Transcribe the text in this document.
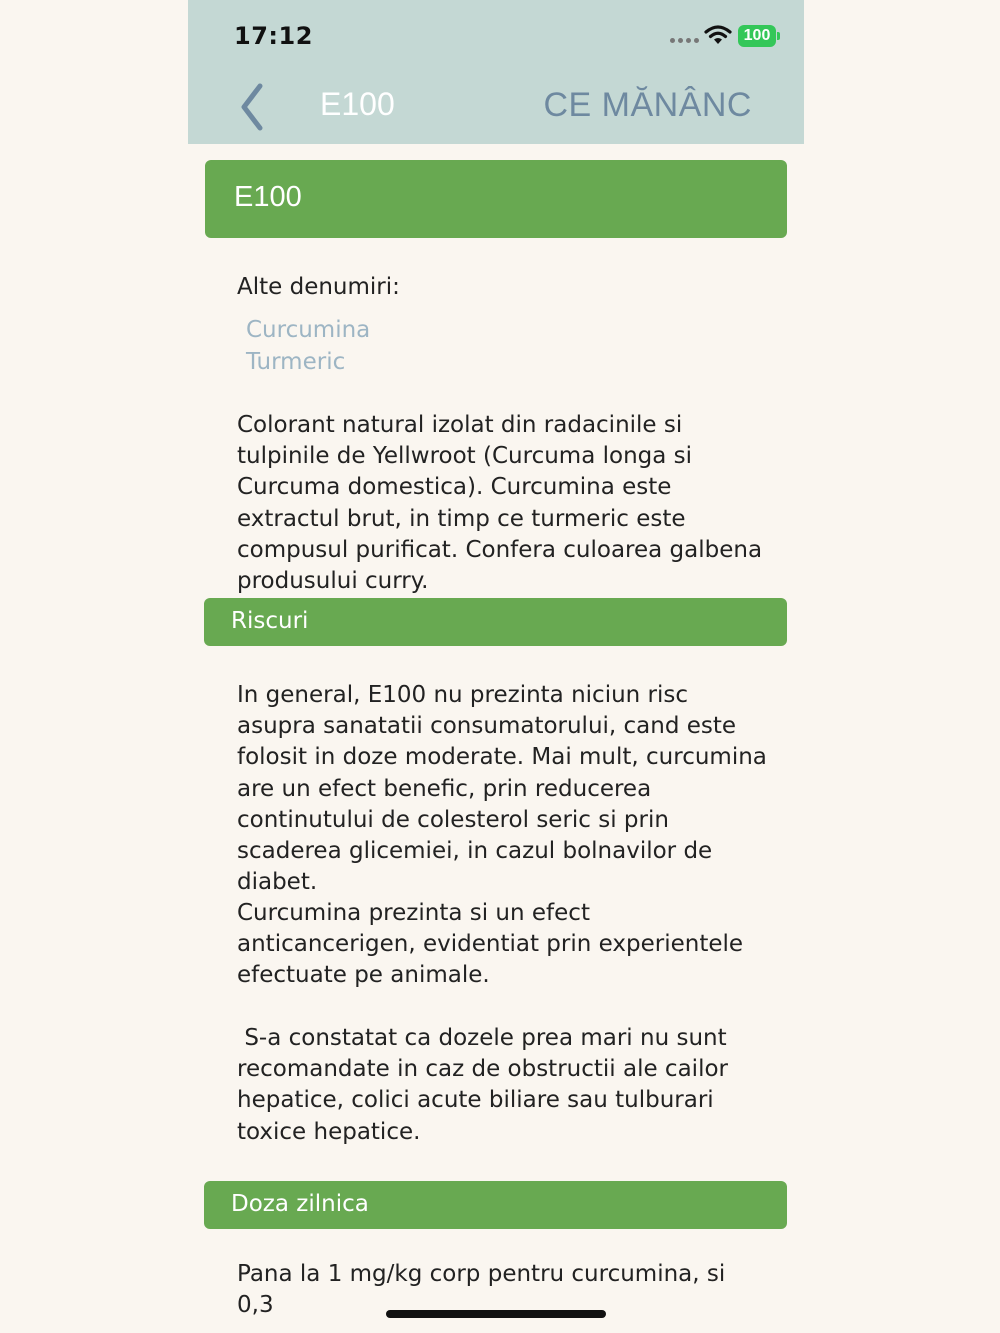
17:12	100
E100	CE MĂNÂNC
E100
Alte denumiri:
Curcumina
Turmeric
Colorant natural izolat din radacinile si tulpinile de Yellwroot (Curcuma longa si Curcuma domestica). Curcumina este extractul brut, in timp ce turmeric este compusul purificat. Confera culoarea galbena produsului curry.
Riscuri
In general, E100 nu prezinta niciun risc asupra sanatatii consumatorului, cand este folosit in doze moderate. Mai mult, curcumina are un efect benefic, prin reducerea continutului de colesterol seric si prin scaderea glicemiei, in cazul bolnavilor de diabet.
Curcumina prezinta si un efect anticancerigen, evidentiat prin experientele efectuate pe animale.
S-a constatat ca dozele prea mari nu sunt recomandate in caz de obstructii ale cailor hepatice, colici acute biliare sau tulburari toxice hepatice.
Doza zilnica
Pana la 1 mg/kg corp pentru curcumina, si 0,3
